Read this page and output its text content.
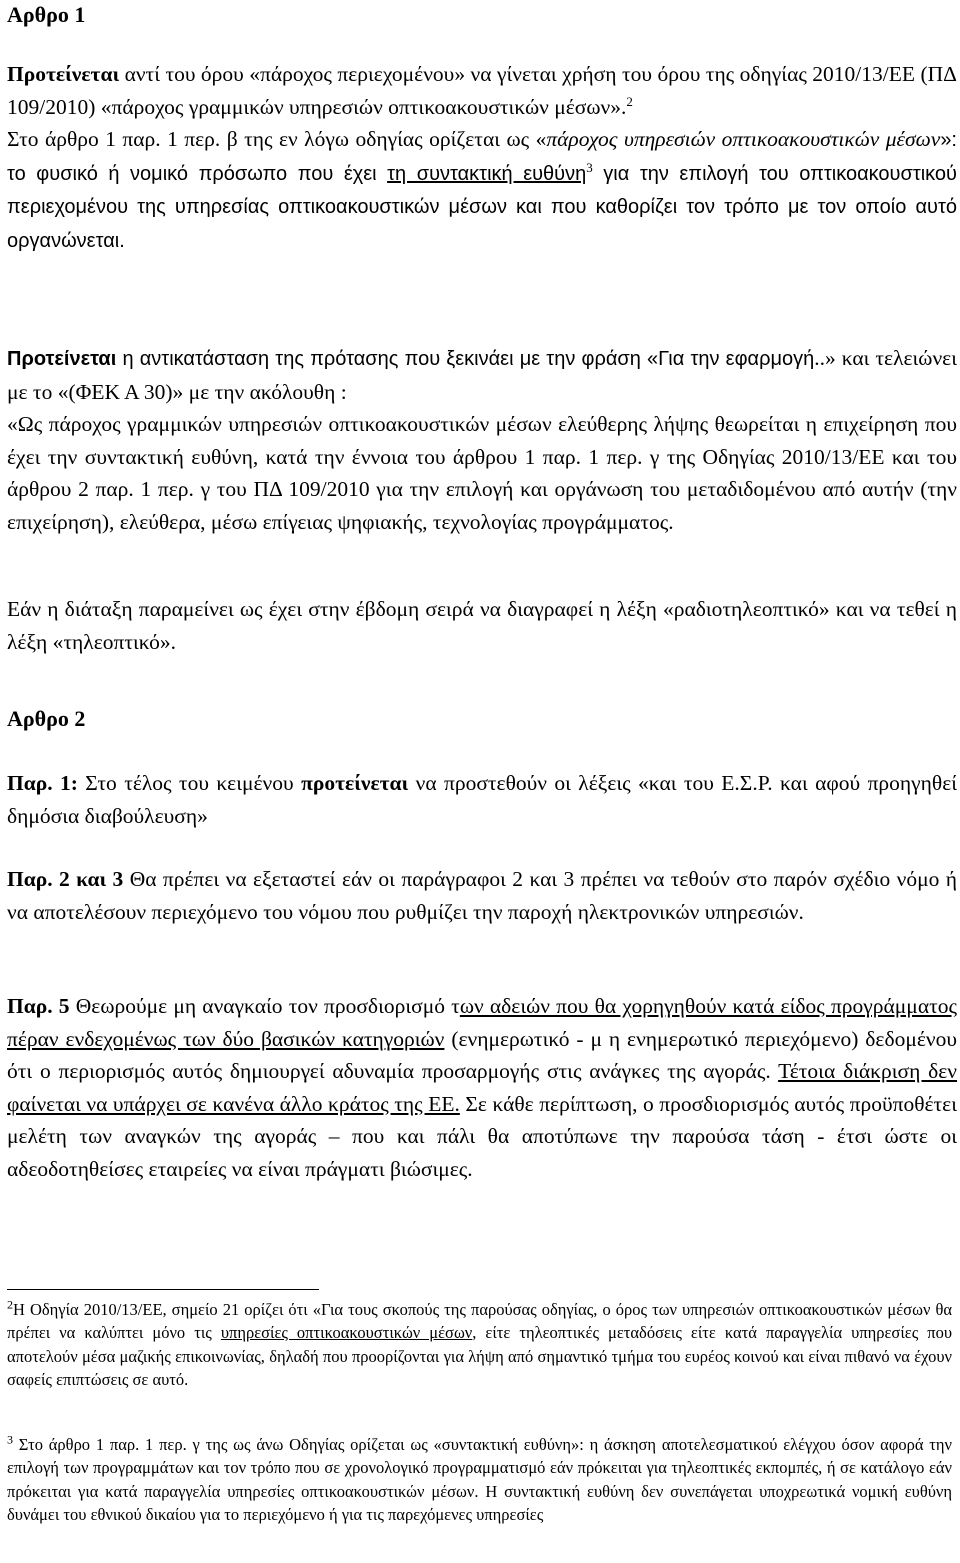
Αρθρο 1

Προτείνεται αντί του όρου «πάροχος περιεχομένου» να γίνεται χρήση του όρου της οδηγίας 2010/13/ΕΕ (ΠΔ 109/2010) «πάροχος γραμμικών υπηρεσιών οπτικοακουστικών μέσων».$^2$
Στο άρθρο 1 παρ. 1 περ. β της εν λόγω οδηγίας ορίζεται ως «πάροχος υπηρεσιών οπτικοακουστικών μέσων»: το φυσικό ή νομικό πρόσωπο που έχει τη συντακτική ευθύνη$^3$ για την επιλογή του οπτικοακουστικού περιεχομένου της υπηρεσίας οπτικοακουστικών μέσων και που καθορίζει τον τρόπο με τον οποίο αυτό οργανώνεται.

Προτείνεται η αντικατάσταση της πρότασης που ξεκινάει με την φράση «Για την εφαρμογή..» και τελειώνει με το «(ΦΕΚ Α 30)» με την ακόλουθη :
«Ως πάροχος γραμμικών υπηρεσιών οπτικοακουστικών μέσων ελεύθερης λήψης θεωρείται η επιχείρηση που έχει την συντακτική ευθύνη, κατά την έννοια του άρθρου 1 παρ. 1 περ. γ της Οδηγίας 2010/13/ΕΕ και του άρθρου 2 παρ. 1 περ. γ του ΠΔ 109/2010 για την επιλογή και οργάνωση του μεταδιδομένου από αυτήν (την επιχείρηση), ελεύθερα, μέσω επίγειας ψηφιακής, τεχνολογίας προγράμματος.

Εάν η διάταξη παραμείνει ως έχει στην έβδομη σειρά να διαγραφεί η λέξη «ραδιοτηλεοπτικό» και να τεθεί η λέξη «τηλεοπτικό».

Αρθρο 2

Παρ. 1: Στο τέλος του κειμένου προτείνεται να προστεθούν οι λέξεις «και του Ε.Σ.Ρ. και αφού προηγηθεί δημόσια διαβούλευση»

Παρ. 2 και 3 Θα πρέπει να εξεταστεί εάν οι παράγραφοι 2 και 3 πρέπει να τεθούν στο παρόν σχέδιο νόμο ή να αποτελέσουν περιεχόμενο του νόμου που ρυθμίζει την παροχή ηλεκτρονικών υπηρεσιών.

Παρ. 5 Θεωρούμε μη αναγκαίο τον προσδιορισμό των αδειών που θα χορηγηθούν κατά είδος προγράμματος πέραν ενδεχομένως των δύο βασικών κατηγοριών (ενημερωτικό - μ η ενημερωτικό περιεχόμενο) δεδομένου ότι ο περιορισμός αυτός δημιουργεί αδυναμία προσαρμογής στις ανάγκες της αγοράς. Τέτοια διάκριση δεν φαίνεται να υπάρχει σε κανένα άλλο κράτος της ΕΕ. Σε κάθε περίπτωση, ο προσδιορισμός αυτός προϋποθέτει μελέτη των αναγκών της αγοράς – που και πάλι θα αποτύπωνε την παρούσα τάση - έτσι ώστε οι αδεοδοτηθείσες εταιρείες να είναι πράγματι βιώσιμες.

$^2$Η Οδηγία 2010/13/ΕΕ, σημείο 21 ορίζει ότι «Για τους σκοπούς της παρούσας οδηγίας, ο όρος των υπηρεσιών οπτικοακουστικών μέσων θα πρέπει να καλύπτει μόνο τις υπηρεσίες οπτικοακουστικών μέσων, είτε τηλεοπτικές μεταδόσεις είτε κατά παραγγελία υπηρεσίες που αποτελούν μέσα μαζικής επικοινωνίας, δηλαδή που προορίζονται για λήψη από σημαντικό τμήμα του ευρέος κοινού και είναι πιθανό να έχουν σαφείς επιπτώσεις σε αυτό.

$^3$ Στο άρθρο 1 παρ. 1 περ. γ της ως άνω Οδηγίας ορίζεται ως «συντακτική ευθύνη»: η άσκηση αποτελεσματικού ελέγχου όσον αφορά την επιλογή των προγραμμάτων και τον τρόπο που σε χρονολογικό προγραμματισμό εάν πρόκειται για τηλεοπτικές εκπομπές, ή σε κατάλογο εάν πρόκειται για κατά παραγγελία υπηρεσίες οπτικοακουστικών μέσων. Η συντακτική ευθύνη δεν συνεπάγεται υποχρεωτικά νομική ευθύνη δυνάμει του εθνικού δικαίου για το περιεχόμενο ή για τις παρεχόμενες υπηρεσίες
